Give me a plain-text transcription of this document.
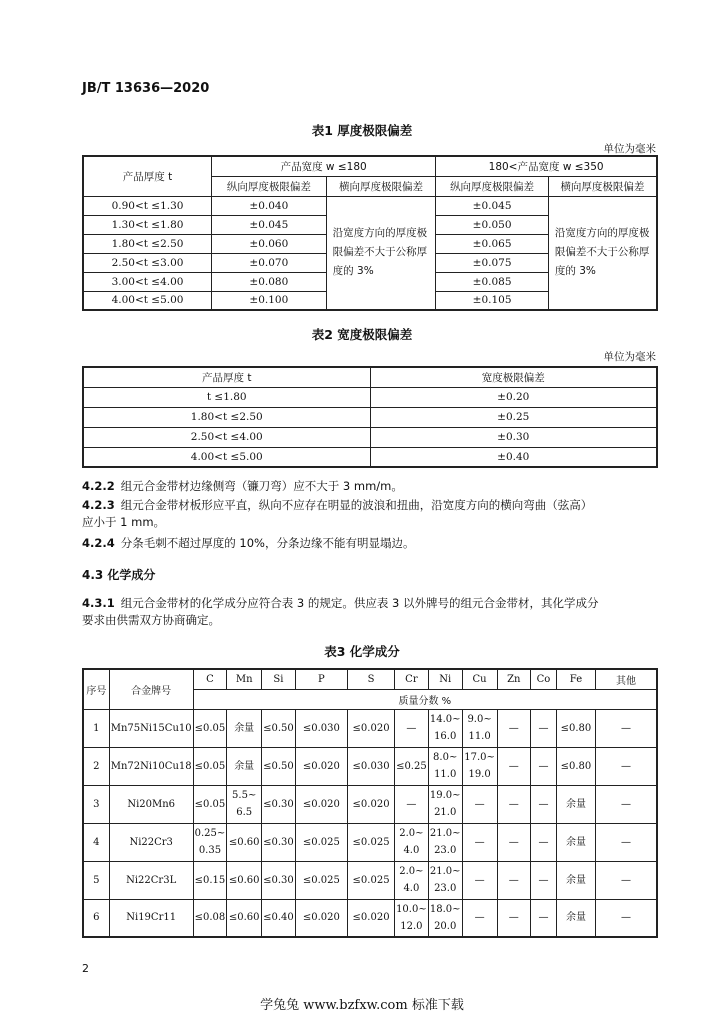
JB/T 13636—2020
表1 厚度极限偏差
单位为毫米
产品厚度 t	产品宽度 w ≤180		180<产品宽度 w ≤350	
	纵向厚度极限偏差	横向厚度极限偏差	纵向厚度极限偏差	横向厚度极限偏差
0.90<t ≤1.30	±0.040	沿宽度方向的厚度极限偏差不大于公称厚度的 3%	±0.045	沿宽度方向的厚度极限偏差不大于公称厚度的 3%
1.30<t ≤1.80	±0.045		±0.050	
1.80<t ≤2.50	±0.060		±0.065	
2.50<t ≤3.00	±0.070		±0.075	
3.00<t ≤4.00	±0.080		±0.085	
4.00<t ≤5.00	±0.100		±0.105	
表2 宽度极限偏差
单位为毫米
产品厚度 t	宽度极限偏差
t ≤1.80	±0.20
1.80<t ≤2.50	±0.25
2.50<t ≤4.00	±0.30
4.00<t ≤5.00	±0.40
4.2.2 组元合金带材边缘侧弯（镰刀弯）应不大于 3 mm/m。
4.2.3 组元合金带材板形应平直，纵向不应存在明显的波浪和扭曲，沿宽度方向的横向弯曲（弦高）
应小于 1 mm。
4.2.4 分条毛刺不超过厚度的 10%，分条边缘不能有明显塌边。
4.3 化学成分
4.3.1 组元合金带材的化学成分应符合表 3 的规定。供应表 3 以外牌号的组元合金带材，其化学成分
要求由供需双方协商确定。
表3 化学成分
序号	合金牌号	C	Mn	Si	P	S	Cr	Ni	Cu	Zn	Co	Fe	其他
		质量分数 %											
1	Mn75Ni15Cu10	≤0.05	余量	≤0.50	≤0.030	≤0.020	—	14.0~ 16.0	9.0~ 11.0	—	—	≤0.80	—
2	Mn72Ni10Cu18	≤0.05	余量	≤0.50	≤0.020	≤0.030	≤0.25	8.0~ 11.0	17.0~ 19.0	—	—	≤0.80	—
3	Ni20Mn6	≤0.05	5.5~ 6.5	≤0.30	≤0.020	≤0.020	—	19.0~ 21.0	—	—	—	余量	—
4	Ni22Cr3	0.25~ 0.35	≤0.60	≤0.30	≤0.025	≤0.025	2.0~ 4.0	21.0~ 23.0	—	—	—	余量	—
5	Ni22Cr3L	≤0.15	≤0.60	≤0.30	≤0.025	≤0.025	2.0~ 4.0	21.0~ 23.0	—	—	—	余量	—
6	Ni19Cr11	≤0.08	≤0.60	≤0.40	≤0.020	≤0.020	10.0~ 12.0	18.0~ 20.0	—	—	—	余量	—
2
学兔兔 www.bzfxw.com 标准下载
